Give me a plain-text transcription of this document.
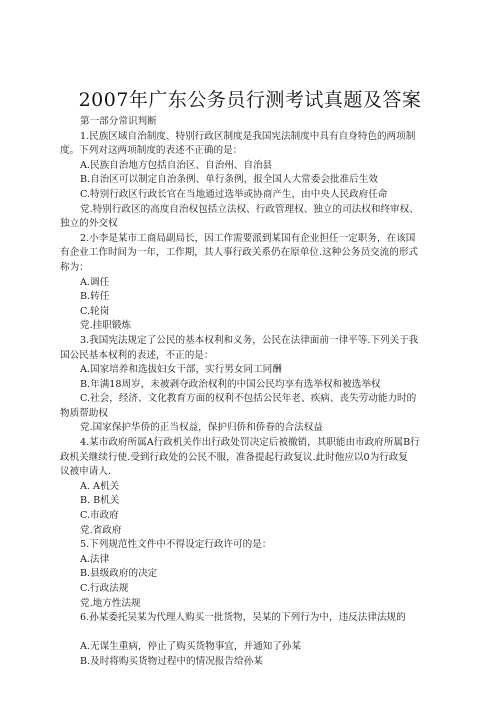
2007年广东公务员行测考试真题及答案
第一部分常识判断
1.民族区域自治制度、特别行政区制度是我国宪法制度中具有自身特色的两项制
度。下列对这两项制度的表述不正确的是：
A.民族自治地方包括自治区、自治州、自治县
B.自治区可以制定自治条例、单行条例，报全国人大常委会批准后生效
C.特别行政区行政长官在当地通过选举或协商产生，由中央人民政府任命
党.特别行政区的高度自治权包括立法权、行政管理权、独立的司法权和终审权、
独立的外交权
2.小李是某市工商局副局长，因工作需要派到某国有企业担任一定职务，在该国
有企业工作时间为一年，工作期，其人事行政关系仍在原单位.这种公务员交流的形式
称为：
A.调任
B.转任
C.轮岗
党.挂职锻炼
3.我国宪法规定了公民的基本权利和义务，公民在法律面前一律平等.下列关于我
国公民基本权利的表述，不正的是：
A.国家培养和选拔妇女干部，实行男女同工同酬
B.年满18周岁，未被剥夺政治权利的中国公民均享有选举权和被选举权
C.社会，经济、文化教育方面的权利不包括公民年老、疾病、丧失劳动能力时的
物质帮助权
党.国家保护华侨的正当权益，保护归侨和侨眷的合法权益
4.某市政府所属A行政机关作出行政处罚决定后被撤销，其职能由市政府所属B行
政机关继续行使.受到行政处的公民不服，准备提起行政复议.此时他应以0为行政复
议被申请人.
A. A机关
B. B机关
C.市政府
党.省政府
5.下列规范性文件中不得设定行政许可的是：
A.法律
B.县级政府的决定
C.行政法规
党.地方性法规
6.孙某委托吴某为代理人购买一批货物，吴某的下列行为中，违反法律法规的
A.无谋生重病，停止了购买货物事宜，并通知了孙某
B.及时将购买货物过程中的情况报告给孙某
